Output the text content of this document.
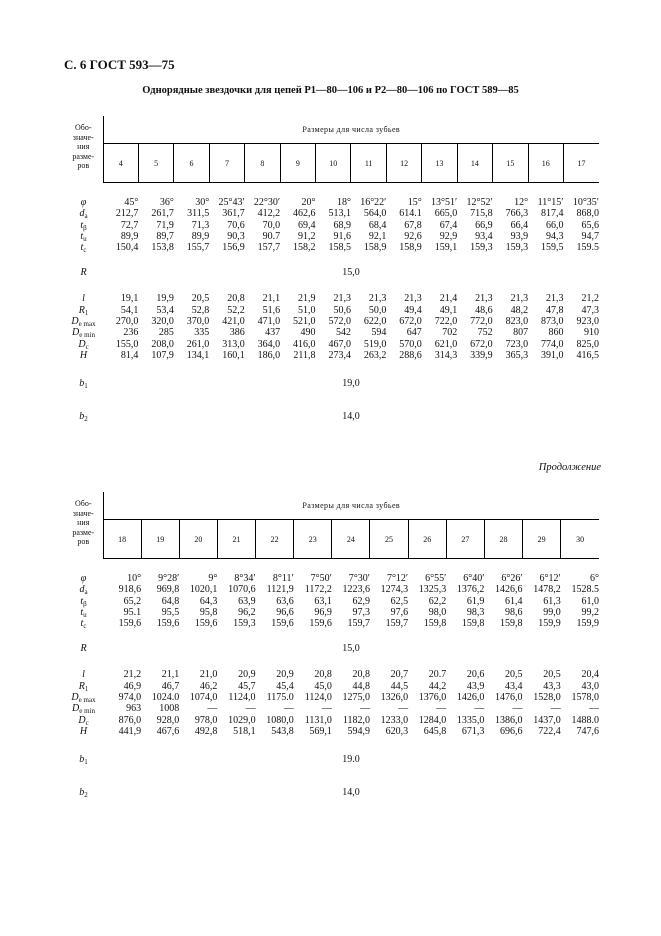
С. 6 ГОСТ 593—75
Однорядные звездочки для цепей Р1—80—106 и Р2—80—106 по ГОСТ 589—85
Обо-
значе-
ния
разме-
ров	Размеры для числа зубьев													
	4	5	6	7	8	9	10	11	12	13	14	15	16	17

φ	45°	36°	30°	25°43′	22°30′	20°	18°	16°22′	15°	13°51′	12°52′	12°	11°15′	10°35′
$d_a$	212,7	261,7	311,5	361,7	412,2	462,6	513,1	564,0	614.1	665,0	715,8	766,3	817,4	868,0
$t_\beta$	72,7	71,9	71,3	70,6	70,0	69,4	68,9	68,4	67,8	67,4	66,9	66,4	66,0	65,6
$t_u$	89,9	89,7	89,9	90,3	90.7	91,2	91,6	92,1	92,6	92,9	93,4	93,9	94,3	94,7
$t_c$	150,4	153,8	155,7	156,9	157,7	158,2	158,5	158,9	158,9	159,1	159,3	159,3	159,5	159.5

R	15,0													

l	19,1	19,9	20,5	20,8	21,1	21,9	21,3	21,3	21,3	21,4	21,3	21,3	21,3	21,2
$R_1$	54,1	53,4	52,8	52,2	51,6	51,0	50,6	50,0	49,4	49,1	48,6	48,2	47,8	47,3
$D_{e max}$	270,0	320,0	370,0	421,0	471,0	521,0	572,0	622,0	672,0	722,0	772,0	823,0	873,0	923,0
$D_{e min}$	236	285	335	386	437	490	542	594	647	702	752	807	860	910
$D_c$	155,0	208,0	261,0	313,0	364,0	416,0	467,0	519,0	570,0	621,0	672,0	723,0	774,0	825,0
H	81,4	107,9	134,1	160,1	186,0	211,8	273,4	263,2	288,6	314,3	339,9	365,3	391,0	416,5

$b_1$	19,0													
$b_2$	14,0													
Продолжение
Обо-
значе-
ния
разме-
ров	Размеры для числа зубьев												
	18	19	20	21	22	23	24	25	26	27	28	29	30

φ	10°	9°28′	9°	8°34′	8°11′	7°50′	7°30′	7°12′	6°55′	6°40′	6°26′	6°12′	6°
$d_a$	918,6	969,8	1020,1	1070,6	1121,9	1172,2	1223,6	1274,3	1325,3	1376,2	1426,6	1478,2	1528.5
$t_\beta$	65,2	64,8	64,3	63,9	63,6	63,1	62,9	62,5	62,2	61,9	61,4	61,3	61,0
$t_u$	95.1	95,5	95,8	96,2	96,6	96,9	97,3	97,6	98,0	98,3	98,6	99,0	99,2
$t_c$	159,6	159,6	159,6	159,3	159,6	159,6	159,7	159,7	159,8	159,8	159,8	159,9	159,9

R	15,0												

l	21,2	21,1	21,0	20,9	20,9	20,8	20,8	20,7	20.7	20,6	20,5	20,5	20,4
$R_1$	46,9	46,7	46,2	45,7	45,4	45,0	44,8	44,5	44,2	43,9	43,4	43,3	43,0
$D_{e max}$	974,0	1024.0	1074,0	1124,0	1175.0	1124,0	1275,0	1326,0	1376,0	1426,0	1476,0	1528,0	1578,0
$D_{e min}$	963	1008	—	—	—	—	—	—	—	—	—	—	—
$D_c$	876,0	928,0	978,0	1029,0	1080,0	1131,0	1182,0	1233,0	1284,0	1335,0	1386,0	1437,0	1488.0
H	441,9	467,6	492,8	518,1	543,8	569,1	594,9	620,3	645,8	671,3	696,6	722,4	747,6

$b_1$	19.0												
$b_2$	14,0												
